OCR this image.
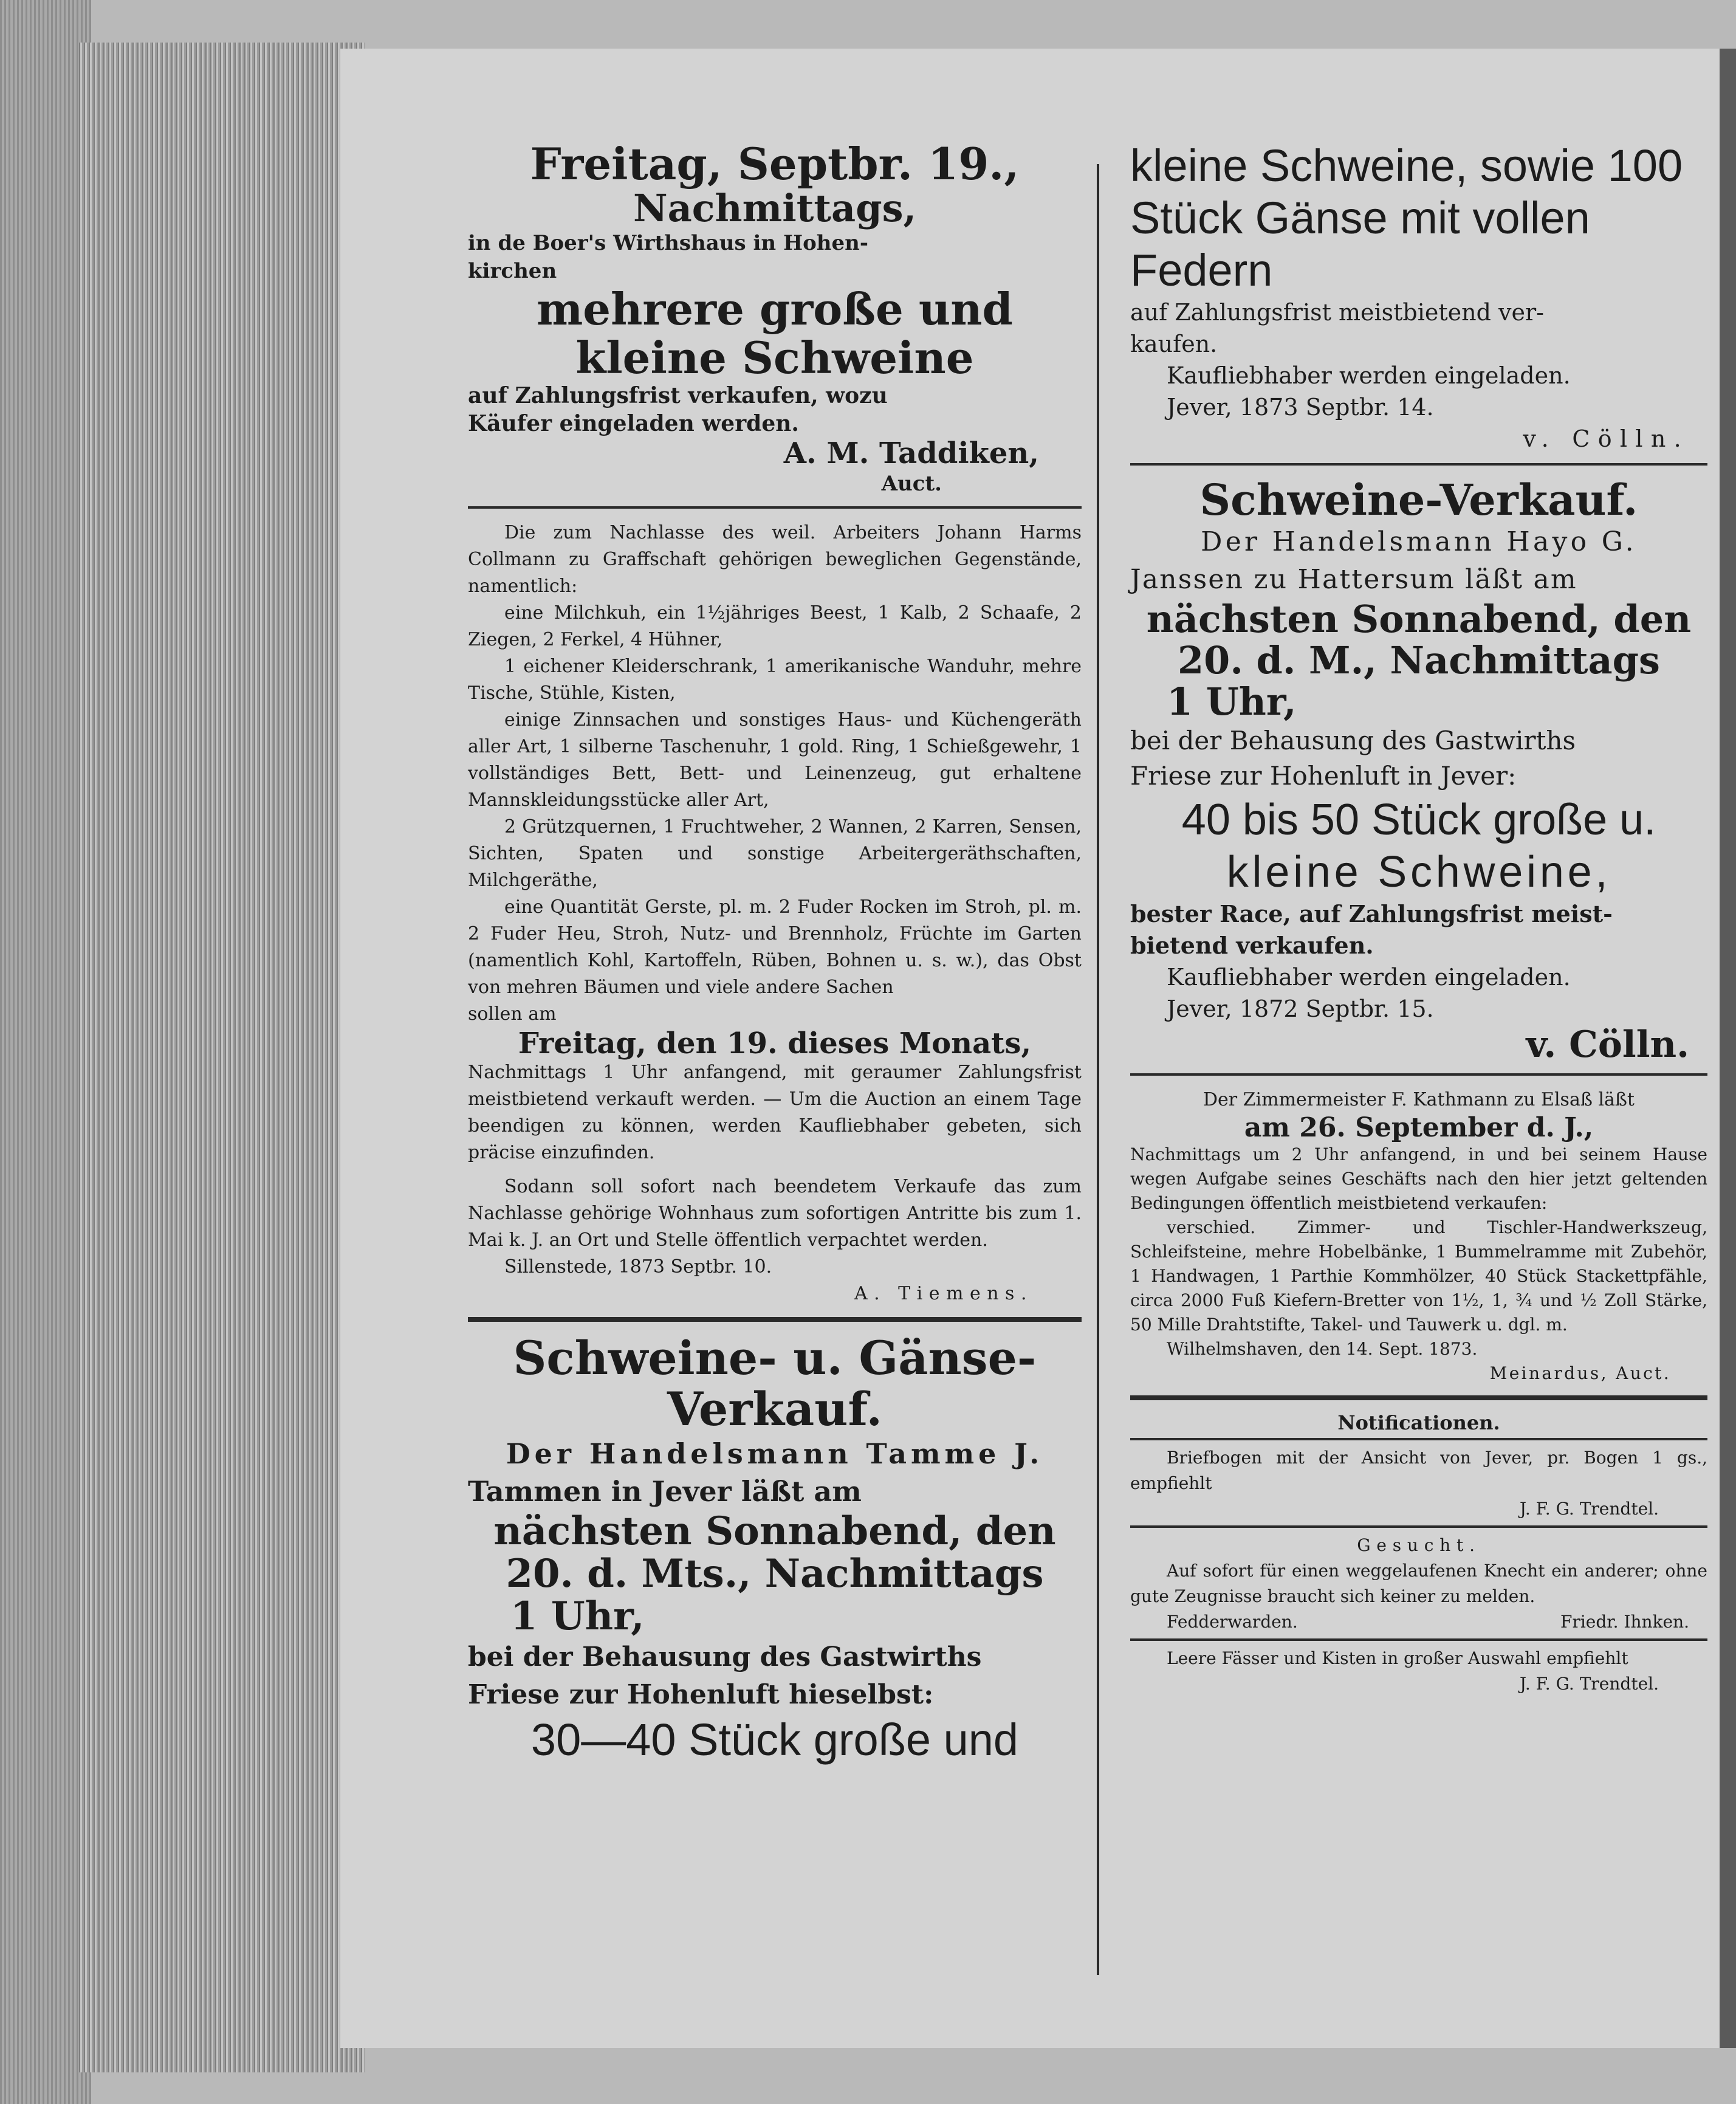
Freitag, Septbr. 19.,
Nachmittags,
in de Boer's Wirthshaus in Hohen-
kirchen
mehrere große und
kleine Schweine
auf Zahlungsfrist verkaufen, wozu
Käufer eingeladen werden.
A. M. Taddiken,
Auct.
Die zum Nachlasse des weil. Arbeiters Johann Harms Collmann zu Graffschaft gehörigen beweglichen Gegenstände, namentlich:
eine Milchkuh, ein 1½jähriges Beest, 1 Kalb, 2 Schaafe, 2 Ziegen, 2 Ferkel, 4 Hühner,
1 eichener Kleiderschrank, 1 amerikanische Wanduhr, mehre Tische, Stühle, Kisten,
einige Zinnsachen und sonstiges Haus- und Küchengeräth aller Art, 1 silberne Taschenuhr, 1 gold. Ring, 1 Schießgewehr, 1 vollständiges Bett, Bett- und Leinenzeug, gut erhaltene Mannskleidungsstücke aller Art,
2 Grützquernen, 1 Fruchtweher, 2 Wannen, 2 Karren, Sensen, Sichten, Spaten und sonstige Arbeitergeräthschaften, Milchgeräthe,
eine Quantität Gerste, pl. m. 2 Fuder Rocken im Stroh, pl. m. 2 Fuder Heu, Stroh, Nutz- und Brennholz, Früchte im Garten (namentlich Kohl, Kartoffeln, Rüben, Bohnen u. s. w.), das Obst von mehren Bäumen und viele andere Sachen
sollen am
Freitag, den 19. dieses Monats,
Nachmittags 1 Uhr anfangend, mit geraumer Zahlungsfrist meistbietend verkauft werden. — Um die Auction an einem Tage beendigen zu können, werden Kaufliebhaber gebeten, sich präcise einzufinden.
Sodann soll sofort nach beendetem Verkaufe das zum Nachlasse gehörige Wohnhaus zum sofortigen Antritte bis zum 1. Mai k. J. an Ort und Stelle öffentlich verpachtet werden.
Sillenstede, 1873 Septbr. 10.
A. Tiemens.
Schweine- u. Gänse-
Verkauf.
Der Handelsmann Tamme J.
Tammen in Jever läßt am
nächsten Sonnabend, den
20. d. Mts., Nachmittags
1 Uhr,
bei der Behausung des Gastwirths
Friese zur Hohenluft hieselbst:
30—40 Stück große und
kleine Schweine, sowie 100
Stück Gänse mit vollen
Federn
auf Zahlungsfrist meistbietend ver-
kaufen.
Kaufliebhaber werden eingeladen.
Jever, 1873 Septbr. 14.
v. Cölln.
Schweine-Verkauf.
Der Handelsmann Hayo G.
Janssen zu Hattersum läßt am
nächsten Sonnabend, den
20. d. M., Nachmittags
1 Uhr,
bei der Behausung des Gastwirths
Friese zur Hohenluft in Jever:
40 bis 50 Stück große u.
kleine Schweine,
bester Race, auf Zahlungsfrist meist-
bietend verkaufen.
Kaufliebhaber werden eingeladen.
Jever, 1872 Septbr. 15.
v. Cölln.
Der Zimmermeister F. Kathmann zu Elsaß läßt
am 26. September d. J.,
Nachmittags um 2 Uhr anfangend, in und bei seinem Hause wegen Aufgabe seines Geschäfts nach den hier jetzt geltenden Bedingungen öffentlich meistbietend verkaufen:
verschied. Zimmer- und Tischler-Handwerkszeug, Schleifsteine, mehre Hobelbänke, 1 Bummelramme mit Zubehör, 1 Handwagen, 1 Parthie Kommhölzer, 40 Stück Stackettpfähle, circa 2000 Fuß Kiefern-Bretter von 1½, 1, ¾ und ½ Zoll Stärke, 50 Mille Drahtstifte, Takel- und Tauwerk u. dgl. m.
Wilhelmshaven, den 14. Sept. 1873.
Meinardus, Auct.
Notificationen.
Briefbogen mit der Ansicht von Jever, pr. Bogen 1 gs., empfiehlt
J. F. G. Trendtel.
Gesucht.
Auf sofort für einen weggelaufenen Knecht ein anderer; ohne gute Zeugnisse braucht sich keiner zu melden.
Fedderwarden.	Friedr. Ihnken.
Leere Fässer und Kisten in großer Auswahl empfiehlt
J. F. G. Trendtel.
